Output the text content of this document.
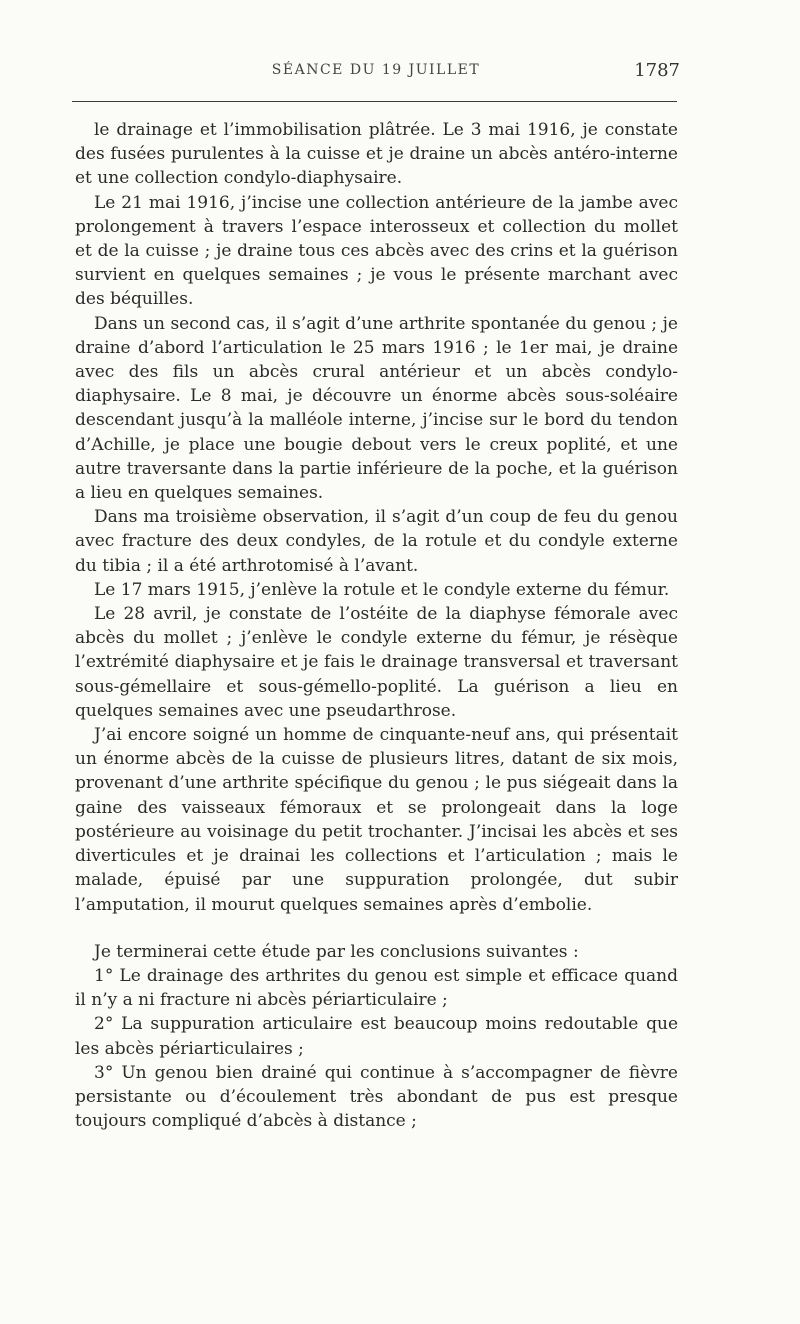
SÉANCE DU 19 JUILLET	1787

le drainage et l’immobilisation plâtrée. Le 3 mai 1916, je constate des fusées purulentes à la cuisse et je draine un abcès antéro-interne et une collection condylo-diaphysaire.

Le 21 mai 1916, j’incise une collection antérieure de la jambe avec prolongement à travers l’espace interosseux et collection du mollet et de la cuisse ; je draine tous ces abcès avec des crins et la guérison survient en quelques semaines ; je vous le présente marchant avec des béquilles.

Dans un second cas, il s’agit d’une arthrite spontanée du genou ; je draine d’abord l’articulation le 25 mars 1916 ; le 1er mai, je draine avec des fils un abcès crural antérieur et un abcès condylo-diaphysaire. Le 8 mai, je découvre un énorme abcès sous-soléaire descendant jusqu’à la malléole interne, j’incise sur le bord du tendon d’Achille, je place une bougie debout vers le creux poplité, et une autre traversante dans la partie inférieure de la poche, et la guérison a lieu en quelques semaines.

Dans ma troisième observation, il s’agit d’un coup de feu du genou avec fracture des deux condyles, de la rotule et du condyle externe du tibia ; il a été arthrotomisé à l’avant.

Le 17 mars 1915, j’enlève la rotule et le condyle externe du fémur.

Le 28 avril, je constate de l’ostéite de la diaphyse fémorale avec abcès du mollet ; j’enlève le condyle externe du fémur, je résèque l’extrémité diaphysaire et je fais le drainage transversal et traversant sous-gémellaire et sous-gémello-poplité. La guérison a lieu en quelques semaines avec une pseudarthrose.

J’ai encore soigné un homme de cinquante-neuf ans, qui présentait un énorme abcès de la cuisse de plusieurs litres, datant de six mois, provenant d’une arthrite spécifique du genou ; le pus siégeait dans la gaine des vaisseaux fémoraux et se prolongeait dans la loge postérieure au voisinage du petit trochanter. J’incisai les abcès et ses diverticules et je drainai les collections et l’articulation ; mais le malade, épuisé par une suppuration prolongée, dut subir l’amputation, il mourut quelques semaines après d’embolie.

Je terminerai cette étude par les conclusions suivantes :

1° Le drainage des arthrites du genou est simple et efficace quand il n’y a ni fracture ni abcès périarticulaire ;

2° La suppuration articulaire est beaucoup moins redoutable que les abcès périarticulaires ;

3° Un genou bien drainé qui continue à s’accompagner de fièvre persistante ou d’écoulement très abondant de pus est presque toujours compliqué d’abcès à distance ;
